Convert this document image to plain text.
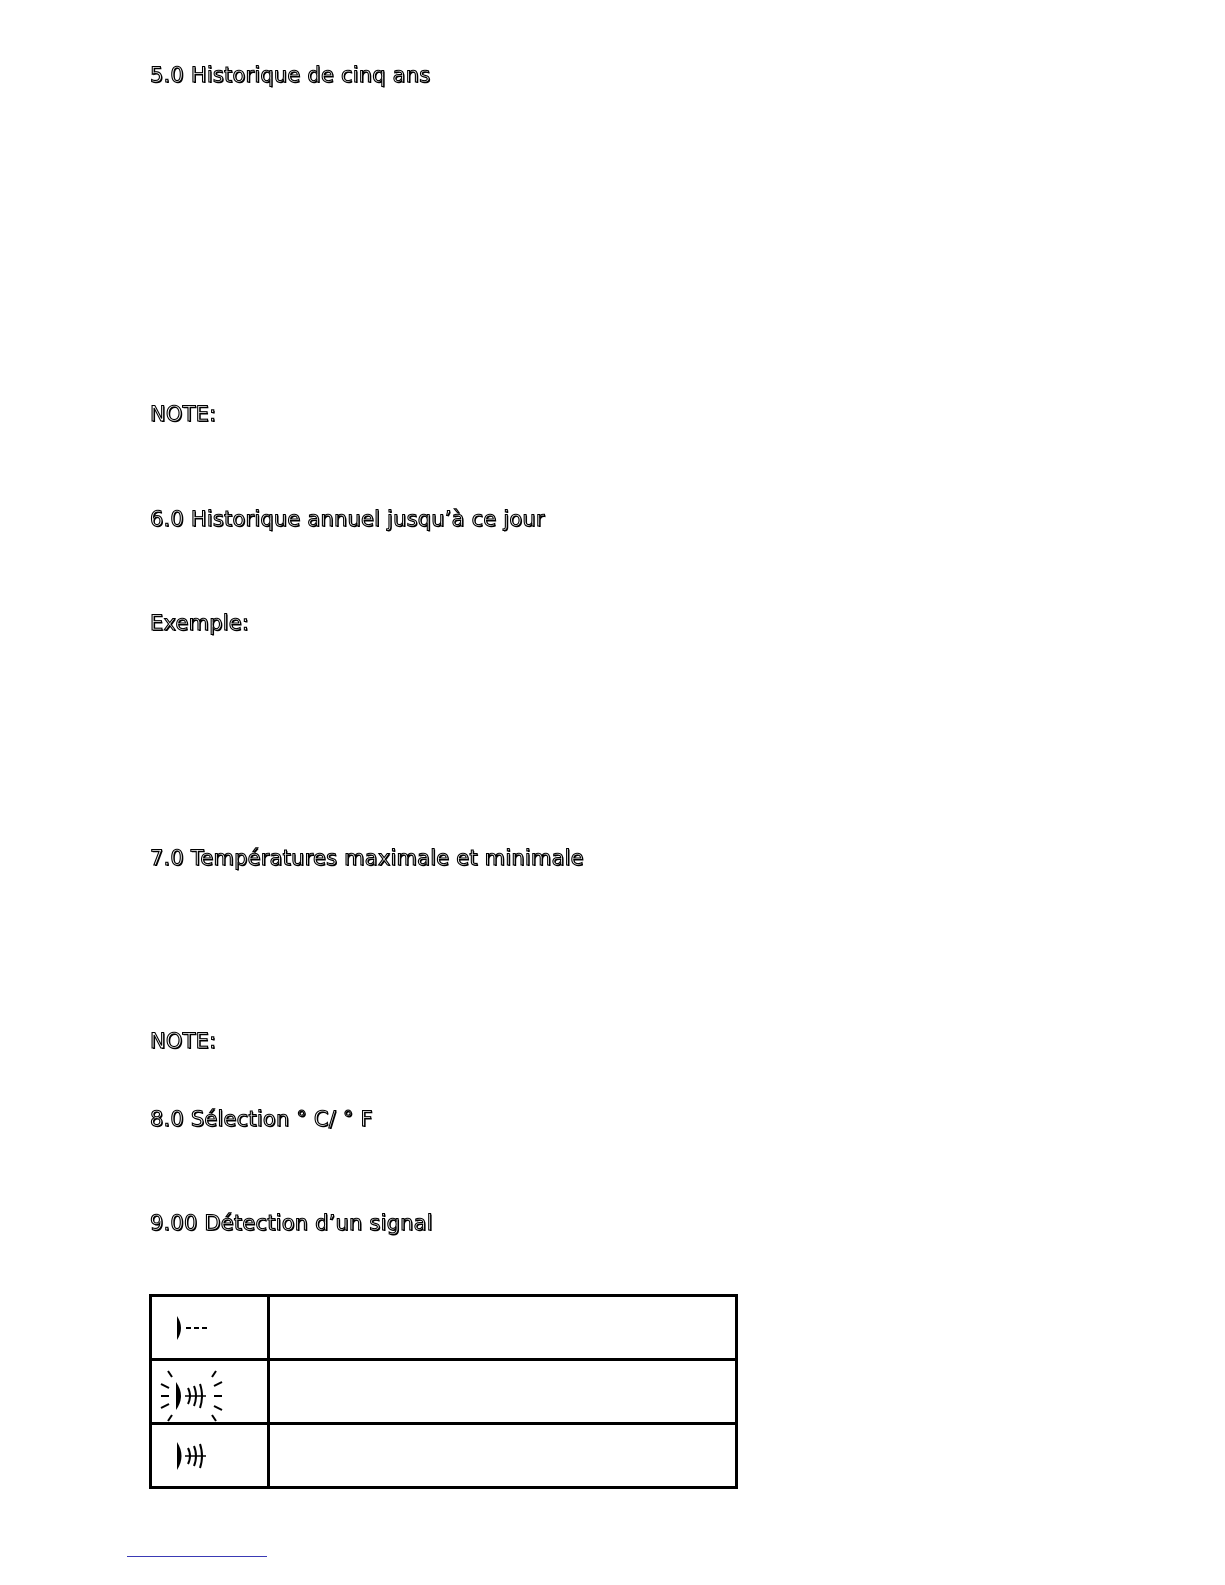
5.0 Historique de cinq ans
NOTE:
6.0 Historique annuel jusqu’à ce jour
Exemple:
7.0 Températures maximale et minimale
NOTE:
8.0 Sélection ° C/ ° F
9.00 Détection d’un signal
